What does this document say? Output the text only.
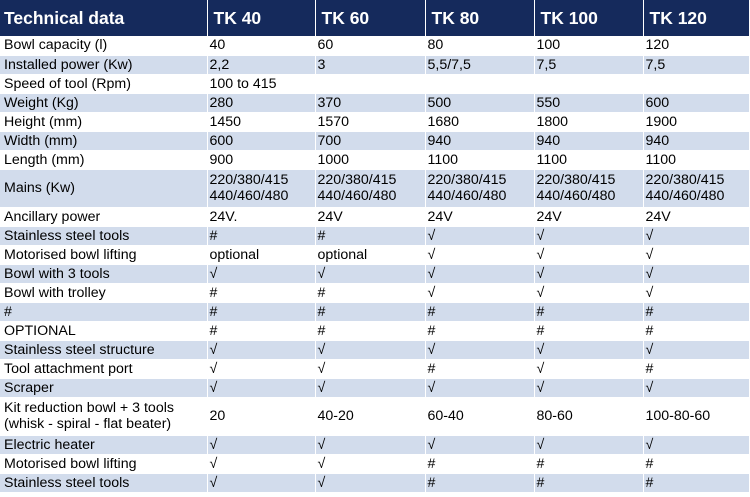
Technical data	TK 40	TK 60	TK 80	TK 100	TK 120
Bowl capacity (l)	40	60	80	100	120
Installed power (Kw)	2,2	3	5,5/7,5	7,5	7,5
Speed of tool (Rpm)	100 to 415				
Weight (Kg)	280	370	500	550	600
Height (mm)	1450	1570	1680	1800	1900
Width (mm)	600	700	940	940	940
Length (mm)	900	1000	1100	1100	1100
Mains (Kw)	220/380/415 440/460/480	220/380/415 440/460/480	220/380/415 440/460/480	220/380/415 440/460/480	220/380/415 440/460/480

Ancillary power	24V.	24V	24V	24V	24V
Stainless steel tools	#	#	√	√	√
Motorised bowl lifting	optional	optional	√	√	√
Bowl with 3 tools	√	√	√	√	√
Bowl with trolley	#	#	√	√	√
#	#	#	#	#	#
OPTIONAL	#	#	#	#	#
Stainless steel structure	√	√	√	√	√
Tool attachment port	√	√	#	√	#
Scraper	√	√	√	√	√

Kit reduction bowl + 3 tools (whisk - spiral - flat beater)	20	40-20	60-40	80-60	100-80-60
Electric heater	√	√	√	√	√
Motorised bowl lifting	√	√	#	#	#
Stainless steel tools	√	√	#	#	#
